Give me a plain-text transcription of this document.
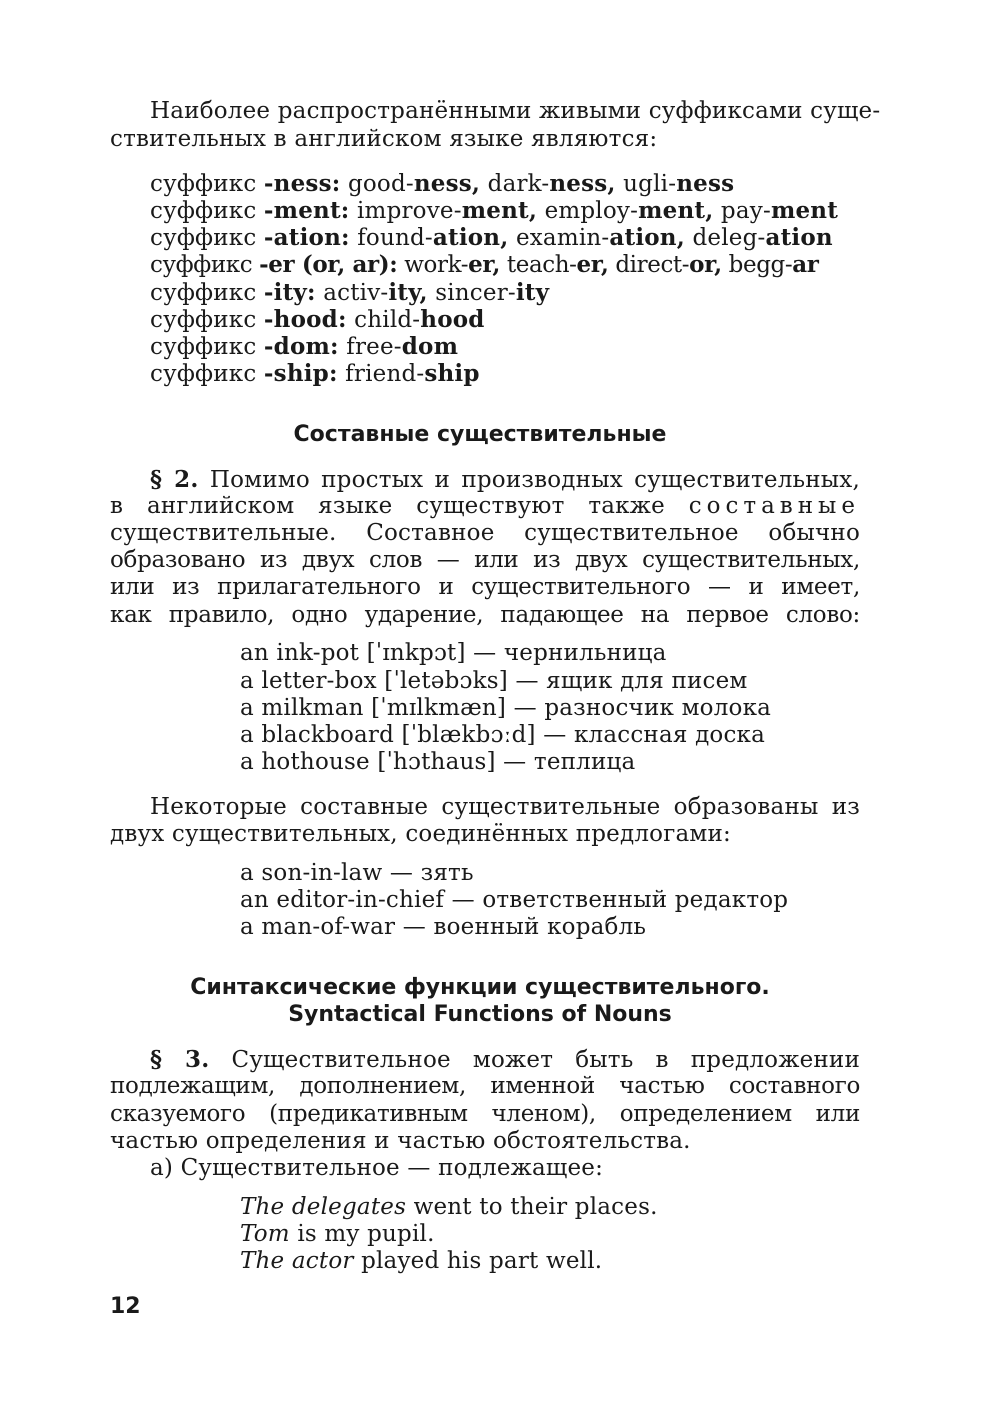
Наиболее распространёнными живыми суффиксами суще-
ствительных в английском языке являются:
суффикс -ness: good-ness, dark-ness, ugli-ness
суффикс -ment: improve-ment, employ-ment, pay-ment
суффикс -ation: found-ation, examin-ation, deleg-ation
суффикс -er (or, ar): work-er, teach-er, direct-or, begg-ar
суффикс -ity: activ-ity, sincer-ity
суффикс -hood: child-hood
суффикс -dom: free-dom
суффикс -ship: friend-ship
Составные существительные
§ 2. Помимо простых и производных существительных,
в английском языке существуют также составные
существительные. Составное существительное обычно
образовано из двух слов — или из двух существительных,
или из прилагательного и существительного — и имеет,
как правило, одно ударение, падающее на первое слово:
an ink-pot [ˈɪnkpɔt] — чернильница
a letter-box [ˈletəbɔks] — ящик для писем
a milkman [ˈmɪlkmæn] — разносчик молока
a blackboard [ˈblækbɔːd] — классная доска
a hothouse [ˈhɔthaus] — теплица
Некоторые составные существительные образованы из
двух существительных, соединённых предлогами:
a son-in-law — зять
an editor-in-chief — ответственный редактор
a man-of-war — военный корабль
Синтаксические функции существительного.
Syntactical Functions of Nouns
§ 3. Существительное может быть в предложении
подлежащим, дополнением, именной частью составного
сказуемого (предикативным членом), определением или
частью определения и частью обстоятельства.
а) Существительное — подлежащее:
The delegates went to their places.
Tom is my pupil.
The actor played his part well.
12
